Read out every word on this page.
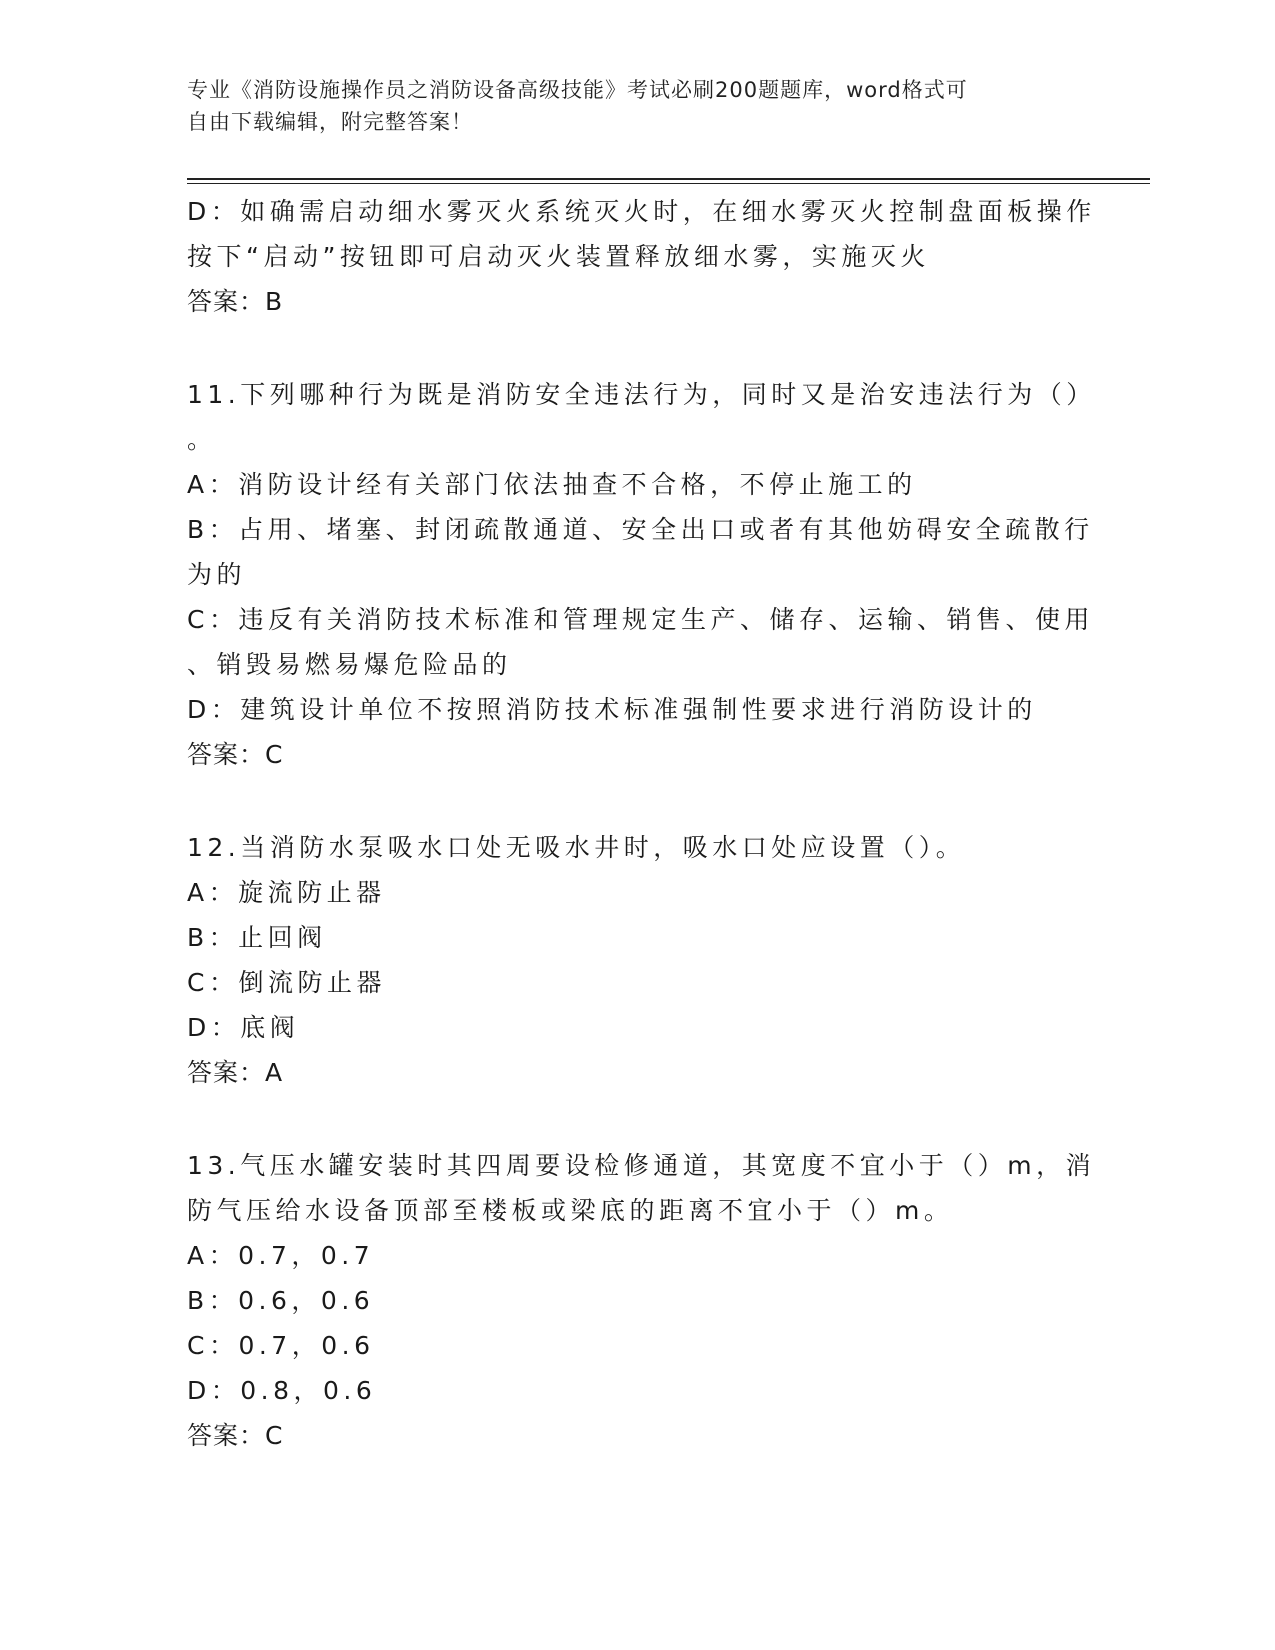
专业《消防设施操作员之消防设备高级技能》考试必刷200题题库，word格式可
自由下载编辑，附完整答案！
D：如确需启动细水雾灭火系统灭火时，在细水雾灭火控制盘面板操作
按下“启动”按钮即可启动灭火装置释放细水雾，实施灭火
答案：B
11.下列哪种行为既是消防安全违法行为，同时又是治安违法行为（）
。
A：消防设计经有关部门依法抽查不合格，不停止施工的
B：占用、堵塞、封闭疏散通道、安全出口或者有其他妨碍安全疏散行
为的
C：违反有关消防技术标准和管理规定生产、储存、运输、销售、使用
、销毁易燃易爆危险品的
D：建筑设计单位不按照消防技术标准强制性要求进行消防设计的
答案：C
12.当消防水泵吸水口处无吸水井时，吸水口处应设置（）。
A：旋流防止器
B：止回阀
C：倒流防止器
D：底阀
答案：A
13.气压水罐安装时其四周要设检修通道，其宽度不宜小于（）m，消
防气压给水设备顶部至楼板或梁底的距离不宜小于（）m。
A：0.7，0.7
B：0.6，0.6
C：0.7，0.6
D：0.8，0.6
答案：C
